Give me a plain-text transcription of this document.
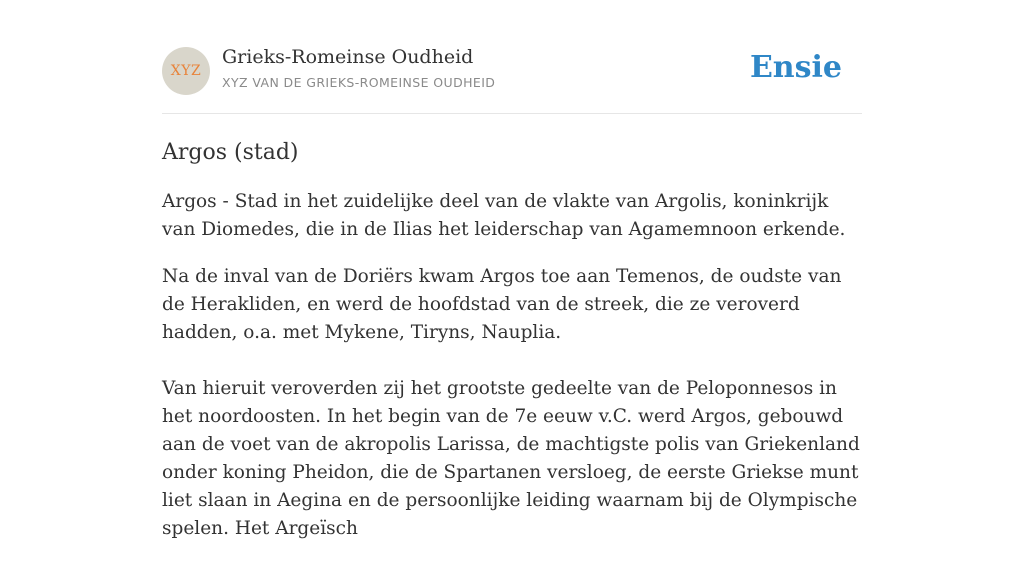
XYZ
Grieks-Romeinse Oudheid
XYZ VAN DE GRIEKS-ROMEINSE OUDHEID	Ensie
Argos (stad)

Argos - Stad in het zuidelijke deel van de vlakte van Argolis, koninkrijk van Diomedes, die in de Ilias het leiderschap van Agamemnoon erkende.

Na de inval van de Doriërs kwam Argos toe aan Temenos, de oudste van de Herakliden, en werd de hoofdstad van de streek, die ze veroverd hadden, o.a. met Mykene, Tiryns, Nauplia.

Van hieruit veroverden zij het grootste gedeelte van de Peloponnesos in het noordoosten. In het begin van de 7e eeuw v.C. werd Argos, gebouwd aan de voet van de akropolis Larissa, de machtigste polis van Griekenland onder koning Pheidon, die de Spartanen versloeg, de eerste Griekse munt liet slaan in Aegina en de persoonlijke leiding waarnam bij de Olympische spelen. Het Argeïsch
